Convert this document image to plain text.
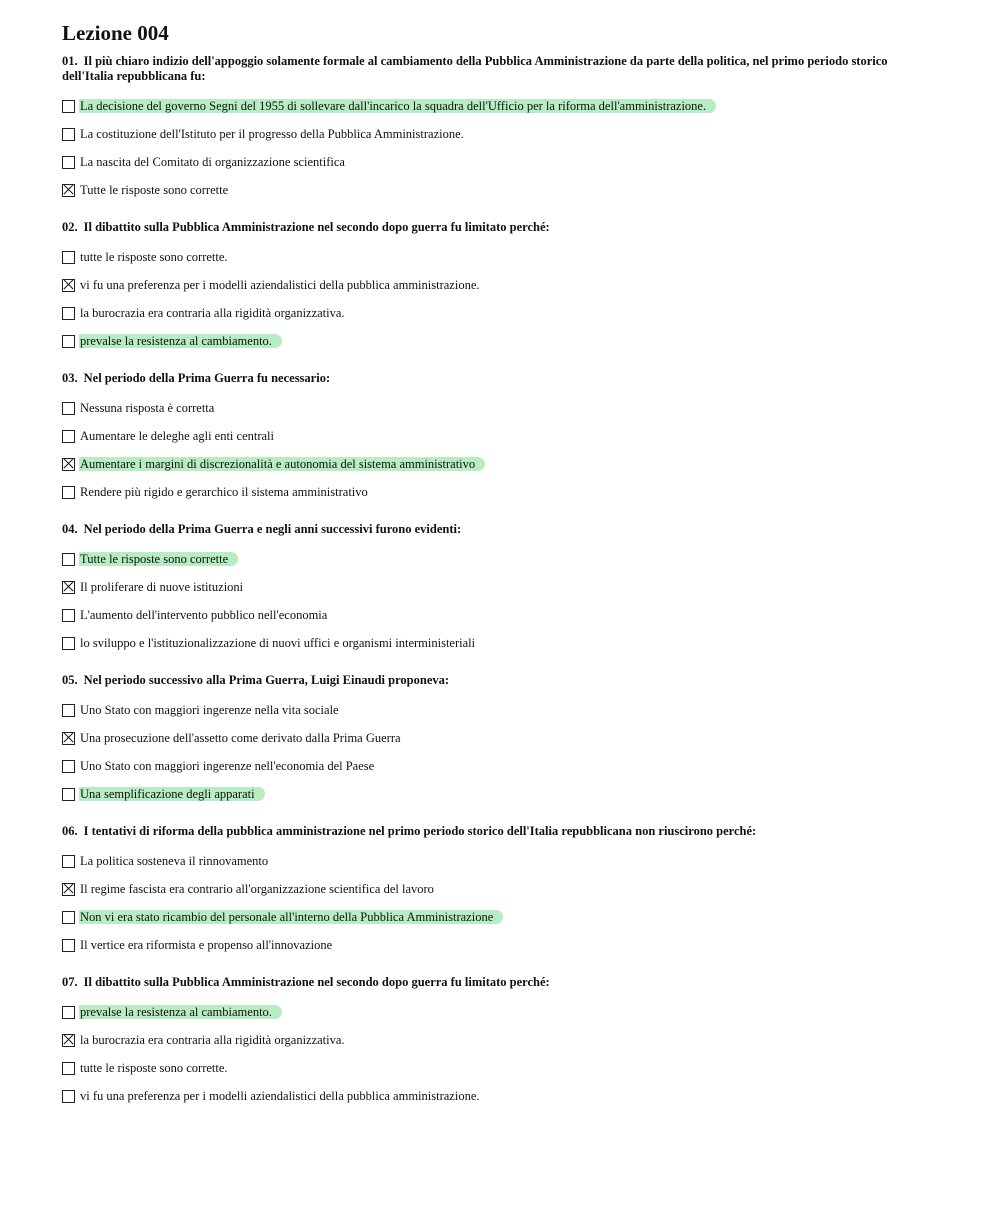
Lezione 004
01. Il più chiaro indizio dell'appoggio solamente formale al cambiamento della Pubblica Amministrazione da parte della politica, nel primo periodo storico dell'Italia repubblicana fu:
La decisione del governo Segni del 1955 di sollevare dall'incarico la squadra dell'Ufficio per la riforma dell'amministrazione.
La costituzione dell'Istituto per il progresso della Pubblica Amministrazione.
La nascita del Comitato di organizzazione scientifica
Tutte le risposte sono corrette
02. Il dibattito sulla Pubblica Amministrazione nel secondo dopo guerra fu limitato perché:
tutte le risposte sono corrette.
vi fu una preferenza per i modelli aziendalistici della pubblica amministrazione.
la burocrazia era contraria alla rigidità organizzativa.
prevalse la resistenza al cambiamento.
03. Nel periodo della Prima Guerra fu necessario:
Nessuna risposta è corretta
Aumentare le deleghe agli enti centrali
Aumentare i margini di discrezionalità e autonomia del sistema amministrativo
Rendere più rigido e gerarchico il sistema amministrativo
04. Nel periodo della Prima Guerra e negli anni successivi furono evidenti:
Tutte le risposte sono corrette
Il proliferare di nuove istituzioni
L'aumento dell'intervento pubblico nell'economia
lo sviluppo e l'istituzionalizzazione di nuovi uffici e organismi interministeriali
05. Nel periodo successivo alla Prima Guerra, Luigi Einaudi proponeva:
Uno Stato con maggiori ingerenze nella vita sociale
Una prosecuzione dell'assetto come derivato dalla Prima Guerra
Uno Stato con maggiori ingerenze nell'economia del Paese
Una semplificazione degli apparati
06. I tentativi di riforma della pubblica amministrazione nel primo periodo storico dell'Italia repubblicana non riuscirono perché:
La politica sosteneva il rinnovamento
Il regime fascista era contrario all'organizzazione scientifica del lavoro
Non vi era stato ricambio del personale all'interno della Pubblica Amministrazione
Il vertice era riformista e propenso all'innovazione
07. Il dibattito sulla Pubblica Amministrazione nel secondo dopo guerra fu limitato perché:
prevalse la resistenza al cambiamento.
la burocrazia era contraria alla rigidità organizzativa.
tutte le risposte sono corrette.
vi fu una preferenza per i modelli aziendalistici della pubblica amministrazione.
